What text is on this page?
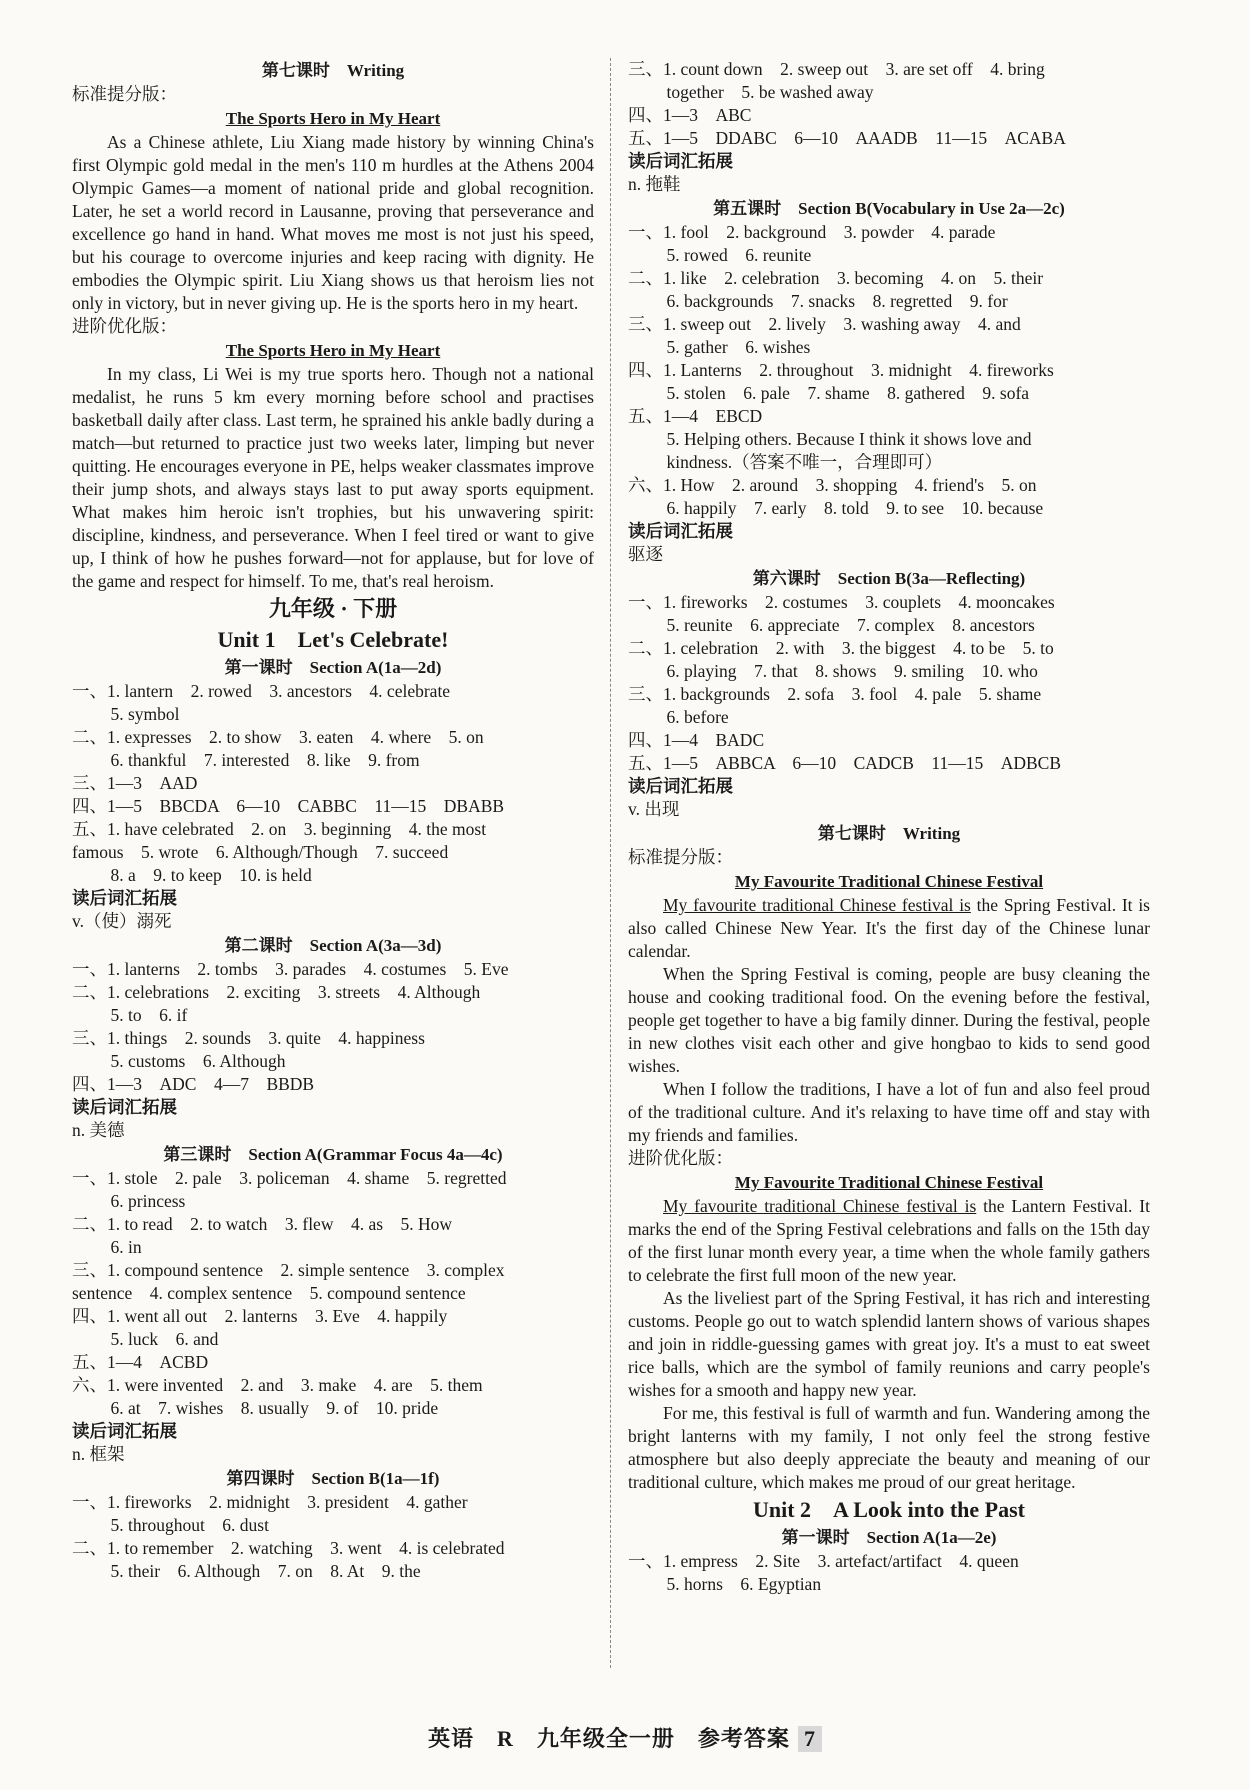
第七课时　Writing
标准提分版：
The Sports Hero in My Heart
As a Chinese athlete, Liu Xiang made history by winning China's first Olympic gold medal in the men's 110 m hurdles at the Athens 2004 Olympic Games—a moment of national pride and global recognition. Later, he set a world record in Lausanne, proving that perseverance and excellence go hand in hand. What moves me most is not just his speed, but his courage to overcome injuries and keep racing with dignity. He embodies the Olympic spirit. Liu Xiang shows us that heroism lies not only in victory, but in never giving up. He is the sports hero in my heart.
进阶优化版：
The Sports Hero in My Heart
In my class, Li Wei is my true sports hero. Though not a national medalist, he runs 5 km every morning before school and practises basketball daily after class. Last term, he sprained his ankle badly during a match—but returned to practice just two weeks later, limping but never quitting. He encourages everyone in PE, helps weaker classmates improve their jump shots, and always stays last to put away sports equipment. What makes him heroic isn't trophies, but his unwavering spirit: discipline, kindness, and perseverance. When I feel tired or want to give up, I think of how he pushes forward—not for applause, but for love of the game and respect for himself. To me, that's real heroism.
九年级 · 下册
Unit 1　Let's Celebrate!
第一课时　Section A(1a—2d)
一、1. lantern　2. rowed　3. ancestors　4. celebrate
5. symbol
二、1. expresses　2. to show　3. eaten　4. where　5. on
6. thankful　7. interested　8. like　9. from
三、1—3　AAD
四、1—5　BBCDA　6—10　CABBC　11—15　DBABB
五、1. have celebrated　2. on　3. beginning　4. the most
famous　5. wrote　6. Although/Though　7. succeed
8. a　9. to keep　10. is held
读后词汇拓展
v.（使）溺死
第二课时　Section A(3a—3d)
一、1. lanterns　2. tombs　3. parades　4. costumes　5. Eve
二、1. celebrations　2. exciting　3. streets　4. Although
5. to　6. if
三、1. things　2. sounds　3. quite　4. happiness
5. customs　6. Although
四、1—3　ADC　4—7　BBDB
读后词汇拓展
n. 美德
第三课时　Section A(Grammar Focus 4a—4c)
一、1. stole　2. pale　3. policeman　4. shame　5. regretted
6. princess
二、1. to read　2. to watch　3. flew　4. as　5. How
6. in
三、1. compound sentence　2. simple sentence　3. complex
sentence　4. complex sentence　5. compound sentence
四、1. went all out　2. lanterns　3. Eve　4. happily
5. luck　6. and
五、1—4　ACBD
六、1. were invented　2. and　3. make　4. are　5. them
6. at　7. wishes　8. usually　9. of　10. pride
读后词汇拓展
n. 框架
第四课时　Section B(1a—1f)
一、1. fireworks　2. midnight　3. president　4. gather
5. throughout　6. dust
二、1. to remember　2. watching　3. went　4. is celebrated
5. their　6. Although　7. on　8. At　9. the
三、1. count down　2. sweep out　3. are set off　4. bring
together　5. be washed away
四、1—3　ABC
五、1—5　DDABC　6—10　AAADB　11—15　ACABA
读后词汇拓展
n. 拖鞋
第五课时　Section B(Vocabulary in Use 2a—2c)
一、1. fool　2. background　3. powder　4. parade
5. rowed　6. reunite
二、1. like　2. celebration　3. becoming　4. on　5. their
6. backgrounds　7. snacks　8. regretted　9. for
三、1. sweep out　2. lively　3. washing away　4. and
5. gather　6. wishes
四、1. Lanterns　2. throughout　3. midnight　4. fireworks
5. stolen　6. pale　7. shame　8. gathered　9. sofa
五、1—4　EBCD
5. Helping others. Because I think it shows love and
kindness.（答案不唯一，合理即可）
六、1. How　2. around　3. shopping　4. friend's　5. on
6. happily　7. early　8. told　9. to see　10. because
读后词汇拓展
驱逐
第六课时　Section B(3a—Reflecting)
一、1. fireworks　2. costumes　3. couplets　4. mooncakes
5. reunite　6. appreciate　7. complex　8. ancestors
二、1. celebration　2. with　3. the biggest　4. to be　5. to
6. playing　7. that　8. shows　9. smiling　10. who
三、1. backgrounds　2. sofa　3. fool　4. pale　5. shame
6. before
四、1—4　BADC
五、1—5　ABBCA　6—10　CADCB　11—15　ADBCB
读后词汇拓展
v. 出现
第七课时　Writing
标准提分版：
My Favourite Traditional Chinese Festival
My favourite traditional Chinese festival is the Spring Festival. It is also called Chinese New Year. It's the first day of the Chinese lunar calendar.
When the Spring Festival is coming, people are busy cleaning the house and cooking traditional food. On the evening before the festival, people get together to have a big family dinner. During the festival, people in new clothes visit each other and give hongbao to kids to send good wishes.
When I follow the traditions, I have a lot of fun and also feel proud of the traditional culture. And it's relaxing to have time off and stay with my friends and families.
进阶优化版：
My Favourite Traditional Chinese Festival
My favourite traditional Chinese festival is the Lantern Festival. It marks the end of the Spring Festival celebrations and falls on the 15th day of the first lunar month every year, a time when the whole family gathers to celebrate the first full moon of the new year.
As the liveliest part of the Spring Festival, it has rich and interesting customs. People go out to watch splendid lantern shows of various shapes and join in riddle-guessing games with great joy. It's a must to eat sweet rice balls, which are the symbol of family reunions and carry people's wishes for a smooth and happy new year.
For me, this festival is full of warmth and fun. Wandering among the bright lanterns with my family, I not only feel the strong festive atmosphere but also deeply appreciate the beauty and meaning of our traditional culture, which makes me proud of our great heritage.
Unit 2　A Look into the Past
第一课时　Section A(1a—2e)
一、1. empress　2. Site　3. artefact/artifact　4. queen
5. horns　6. Egyptian
英语　R　九年级全一册　参考答案 7
